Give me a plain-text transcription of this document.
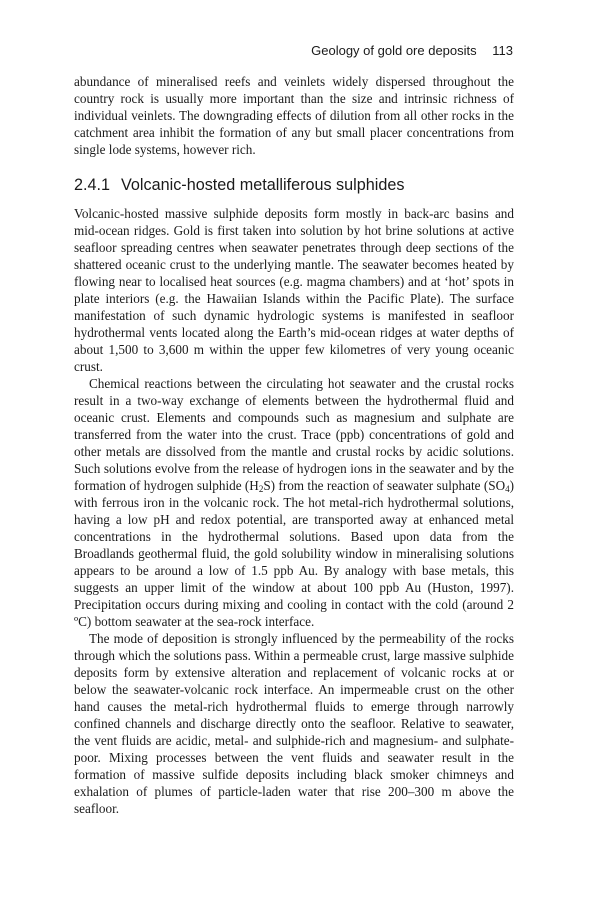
Geology of gold ore deposits 113

abundance of mineralised reefs and veinlets widely dispersed throughout the country rock is usually more important than the size and intrinsic richness of individual veinlets. The downgrading effects of dilution from all other rocks in the catchment area inhibit the formation of any but small placer concentrations from single lode systems, however rich.

2.4.1 Volcanic-hosted metalliferous sulphides

Volcanic-hosted massive sulphide deposits form mostly in back-arc basins and mid-ocean ridges. Gold is first taken into solution by hot brine solutions at active seafloor spreading centres when seawater penetrates through deep sections of the shattered oceanic crust to the underlying mantle. The seawater becomes heated by flowing near to localised heat sources (e.g. magma chambers) and at ‘hot’ spots in plate interiors (e.g. the Hawaiian Islands within the Pacific Plate). The surface manifestation of such dynamic hydrologic systems is manifested in seafloor hydrothermal vents located along the Earth’s mid-ocean ridges at water depths of about 1,500 to 3,600 m within the upper few kilometres of very young oceanic crust.

Chemical reactions between the circulating hot seawater and the crustal rocks result in a two-way exchange of elements between the hydrothermal fluid and oceanic crust. Elements and compounds such as magnesium and sulphate are transferred from the water into the crust. Trace (ppb) concentrations of gold and other metals are dissolved from the mantle and crustal rocks by acidic solutions. Such solutions evolve from the release of hydrogen ions in the seawater and by the formation of hydrogen sulphide $(H_2S)$ from the reaction of seawater sulphate $(SO_4)$ with ferrous iron in the volcanic rock. The hot metal-rich hydrothermal solutions, having a low pH and redox potential, are transported away at enhanced metal concentrations in the hydrothermal solutions. Based upon data from the Broadlands geothermal fluid, the gold solubility window in mineralising solutions appears to be around a low of 1.5 ppb Au. By analogy with base metals, this suggests an upper limit of the window at about 100 ppb Au (Huston, 1997). Precipitation occurs during mixing and cooling in contact with the cold (around 2 ºC) bottom seawater at the sea-rock interface.

The mode of deposition is strongly influenced by the permeability of the rocks through which the solutions pass. Within a permeable crust, large massive sulphide deposits form by extensive alteration and replacement of volcanic rocks at or below the seawater-volcanic rock interface. An impermeable crust on the other hand causes the metal-rich hydrothermal fluids to emerge through narrowly confined channels and discharge directly onto the seafloor. Relative to seawater, the vent fluids are acidic, metal- and sulphide-rich and magnesium- and sulphate-poor. Mixing processes between the vent fluids and seawater result in the formation of massive sulfide deposits including black smoker chimneys and exhalation of plumes of particle-laden water that rise 200–300 m above the seafloor.
